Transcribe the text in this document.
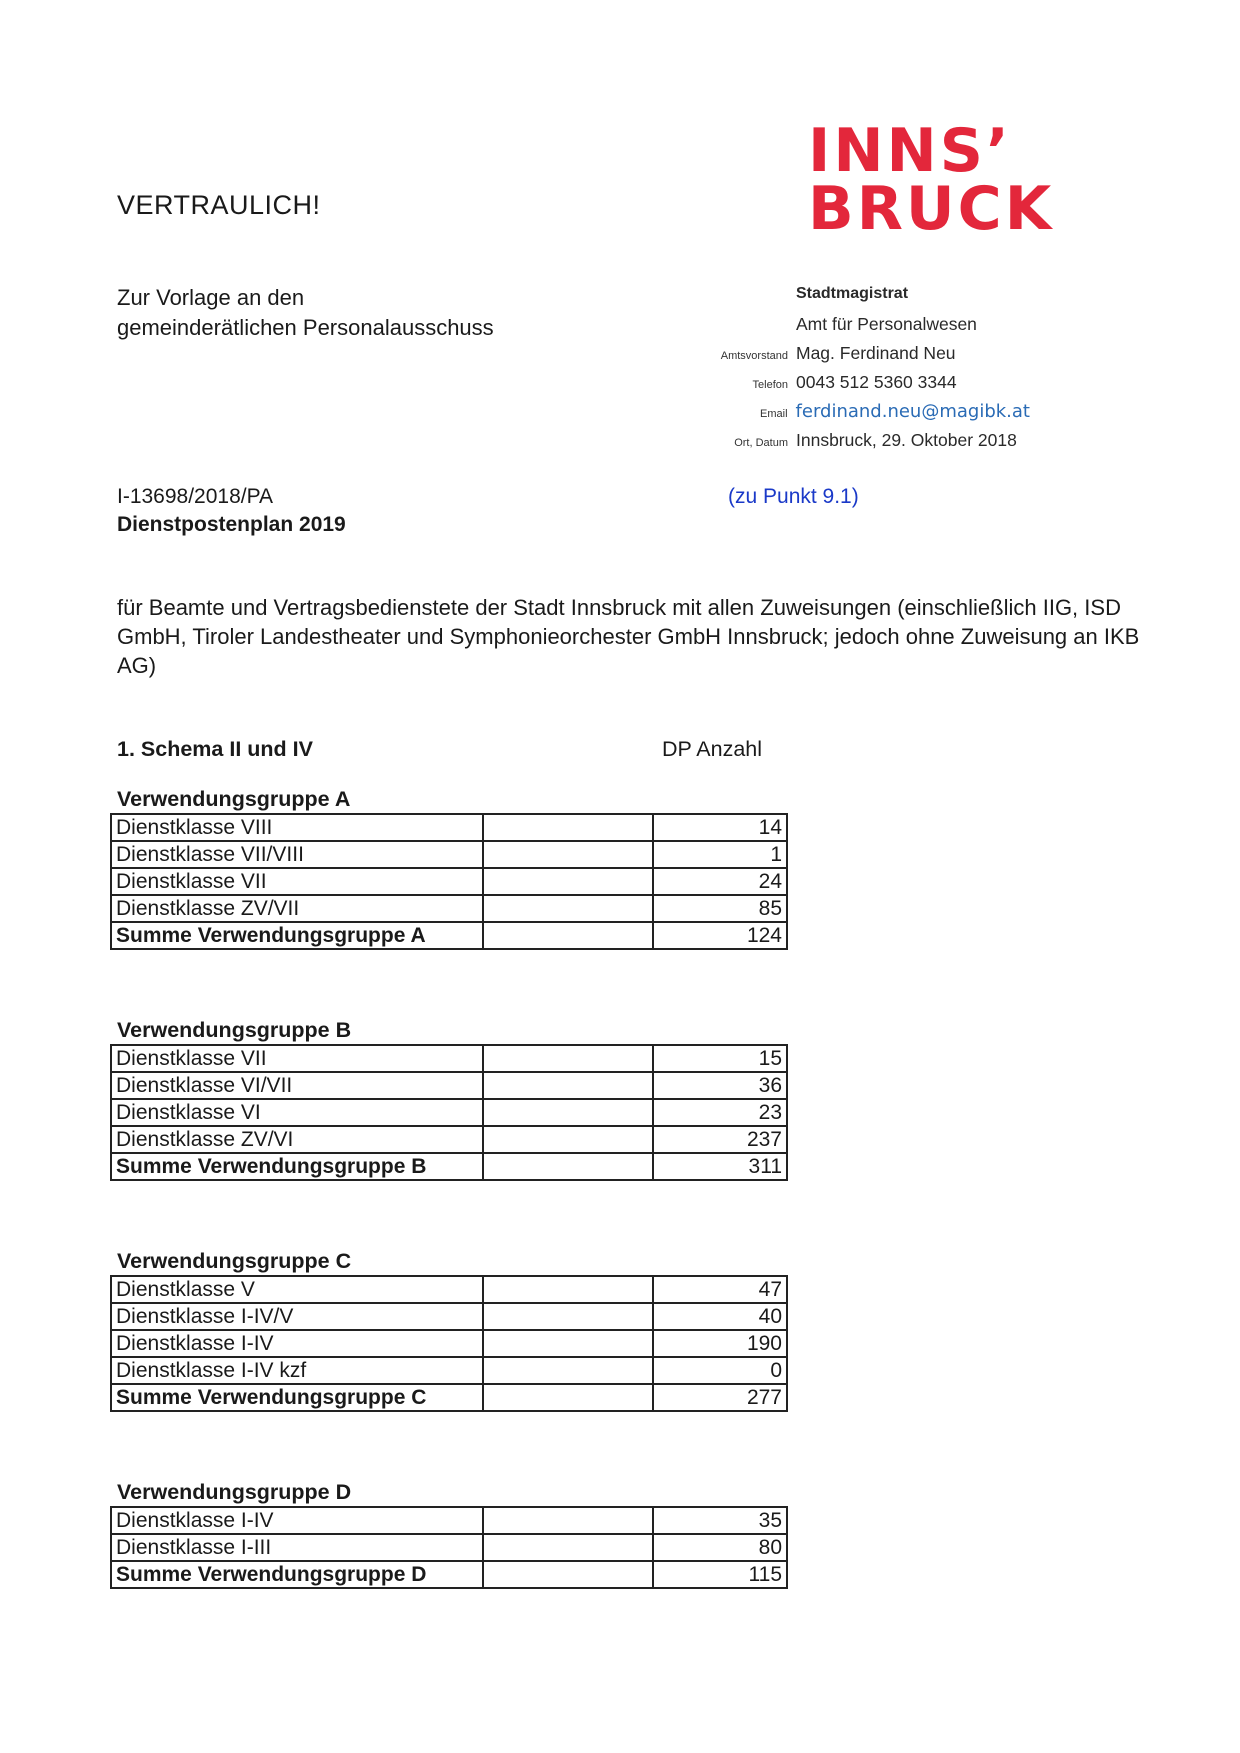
VERTRAULICH!
INNS’
BRUCK
Zur Vorlage an den
gemeinderätlichen Personalausschuss
Stadtmagistrat
Amt für Personalwesen
Amtsvorstand Mag. Ferdinand Neu
Telefon 0043 512 5360 3344
Email ferdinand.neu@magibk.at
Ort, Datum Innsbruck, 29. Oktober 2018
I-13698/2018/PA
Dienstpostenplan 2019
(zu Punkt 9.1)
für Beamte und Vertragsbedienstete der Stadt Innsbruck mit allen Zuweisungen (einschließlich IIG, ISD GmbH, Tiroler Landestheater und Symphonieorchester GmbH Innsbruck; jedoch ohne Zuweisung an IKB AG)
1. Schema II und IV	DP Anzahl
Verwendungsgruppe A
Dienstklasse VIII		14
Dienstklasse VII/VIII		1
Dienstklasse VII		24
Dienstklasse ZV/VII		85
Summe Verwendungsgruppe A		124
Verwendungsgruppe B
Dienstklasse VII		15
Dienstklasse VI/VII		36
Dienstklasse VI		23
Dienstklasse ZV/VI		237
Summe Verwendungsgruppe B		311
Verwendungsgruppe C
Dienstklasse V		47
Dienstklasse I-IV/V		40
Dienstklasse I-IV		190
Dienstklasse I-IV kzf		0
Summe Verwendungsgruppe C		277
Verwendungsgruppe D
Dienstklasse I-IV		35
Dienstklasse I-III		80
Summe Verwendungsgruppe D		115
